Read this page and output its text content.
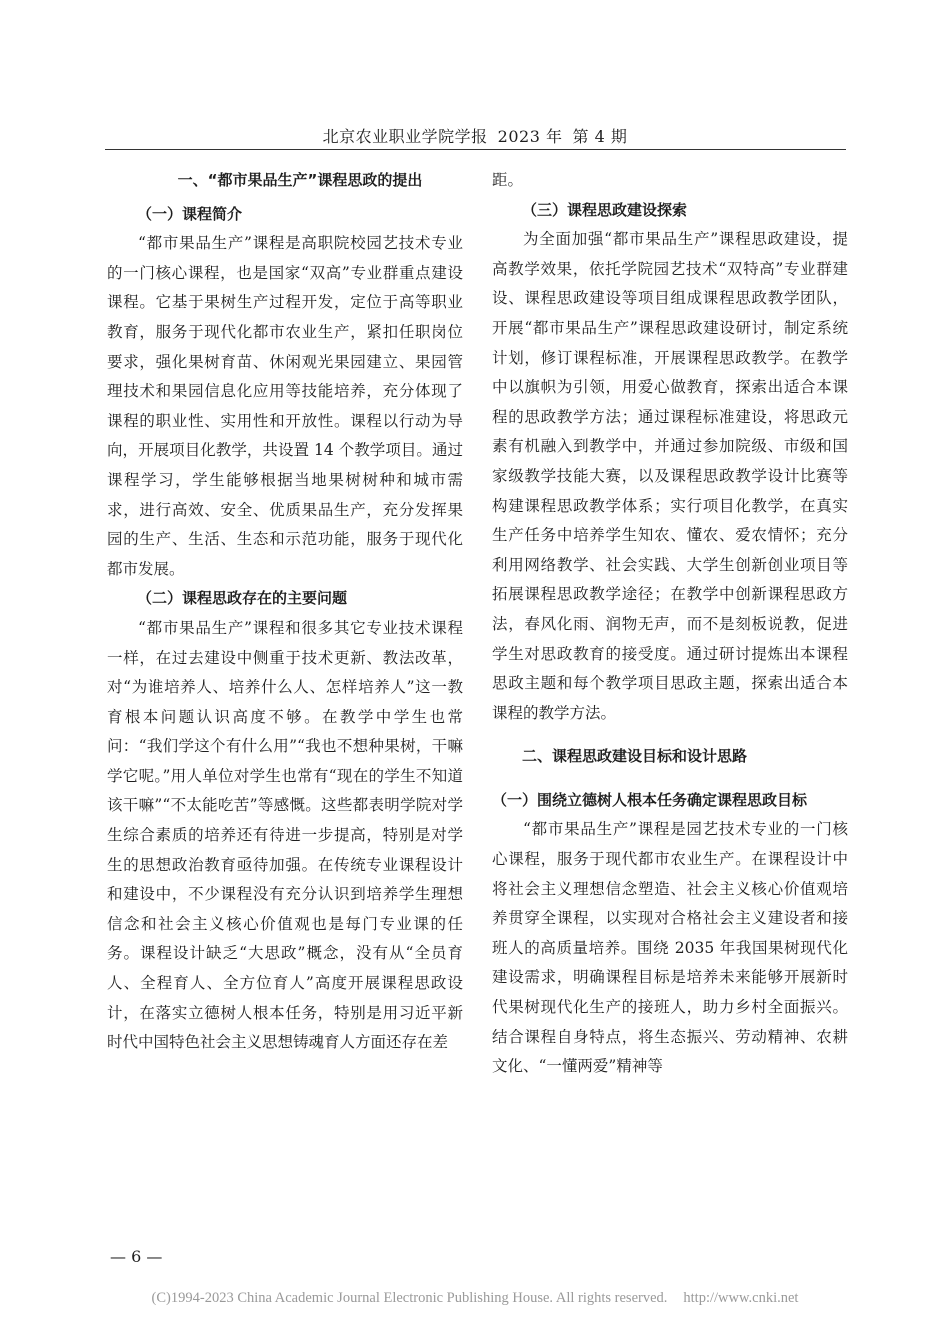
北京农业职业学院学报 2023 年 第 4 期

一、“都市果品生产”课程思政的提出

（一）课程简介

“都市果品生产”课程是高职院校园艺技术专业的一门核心课程，也是国家“双高”专业群重点建设课程。它基于果树生产过程开发，定位于高等职业教育，服务于现代化都市农业生产，紧扣任职岗位要求，强化果树育苗、休闲观光果园建立、果园管理技术和果园信息化应用等技能培养，充分体现了课程的职业性、实用性和开放性。课程以行动为导向，开展项目化教学，共设置 14 个教学项目。通过课程学习，学生能够根据当地果树树种和城市需求，进行高效、安全、优质果品生产，充分发挥果园的生产、生活、生态和示范功能，服务于现代化都市发展。

（二）课程思政存在的主要问题

“都市果品生产”课程和很多其它专业技术课程一样，在过去建设中侧重于技术更新、教法改革，对“为谁培养人、培养什么人、怎样培养人”这一教育根本问题认识高度不够。在教学中学生也常问：“我们学这个有什么用”“我也不想种果树，干嘛学它呢。”用人单位对学生也常有“现在的学生不知道该干嘛”“不太能吃苦”等感慨。这些都表明学院对学生综合素质的培养还有待进一步提高，特别是对学生的思想政治教育亟待加强。在传统专业课程设计和建设中，不少课程没有充分认识到培养学生理想信念和社会主义核心价值观也是每门专业课的任务。课程设计缺乏“大思政”概念，没有从“全员育人、全程育人、全方位育人”高度开展课程思政设计，在落实立德树人根本任务，特别是用习近平新时代中国特色社会主义思想铸魂育人方面还存在差

距。

（三）课程思政建设探索

为全面加强“都市果品生产”课程思政建设，提高教学效果，依托学院园艺技术“双特高”专业群建设、课程思政建设等项目组成课程思政教学团队，开展“都市果品生产”课程思政建设研讨，制定系统计划，修订课程标准，开展课程思政教学。在教学中以旗帜为引领，用爱心做教育，探索出适合本课程的思政教学方法；通过课程标准建设，将思政元素有机融入到教学中，并通过参加院级、市级和国家级教学技能大赛，以及课程思政教学设计比赛等构建课程思政教学体系；实行项目化教学，在真实生产任务中培养学生知农、懂农、爱农情怀；充分利用网络教学、社会实践、大学生创新创业项目等拓展课程思政教学途径；在教学中创新课程思政方法，春风化雨、润物无声，而不是刻板说教，促进学生对思政教育的接受度。通过研讨提炼出本课程思政主题和每个教学项目思政主题，探索出适合本课程的教学方法。

二、课程思政建设目标和设计思路

（一）围绕立德树人根本任务确定课程思政目标

“都市果品生产”课程是园艺技术专业的一门核心课程，服务于现代都市农业生产。在课程设计中将社会主义理想信念塑造、社会主义核心价值观培养贯穿全课程，以实现对合格社会主义建设者和接班人的高质量培养。围绕 2035 年我国果树现代化建设需求，明确课程目标是培养未来能够开展新时代果树现代化生产的接班人，助力乡村全面振兴。结合课程自身特点，将生态振兴、劳动精神、农耕文化、“一懂两爱”精神等

— 6 —
(C)1994-2023 China Academic Journal Electronic Publishing House. All rights reserved. http://www.cnki.net
